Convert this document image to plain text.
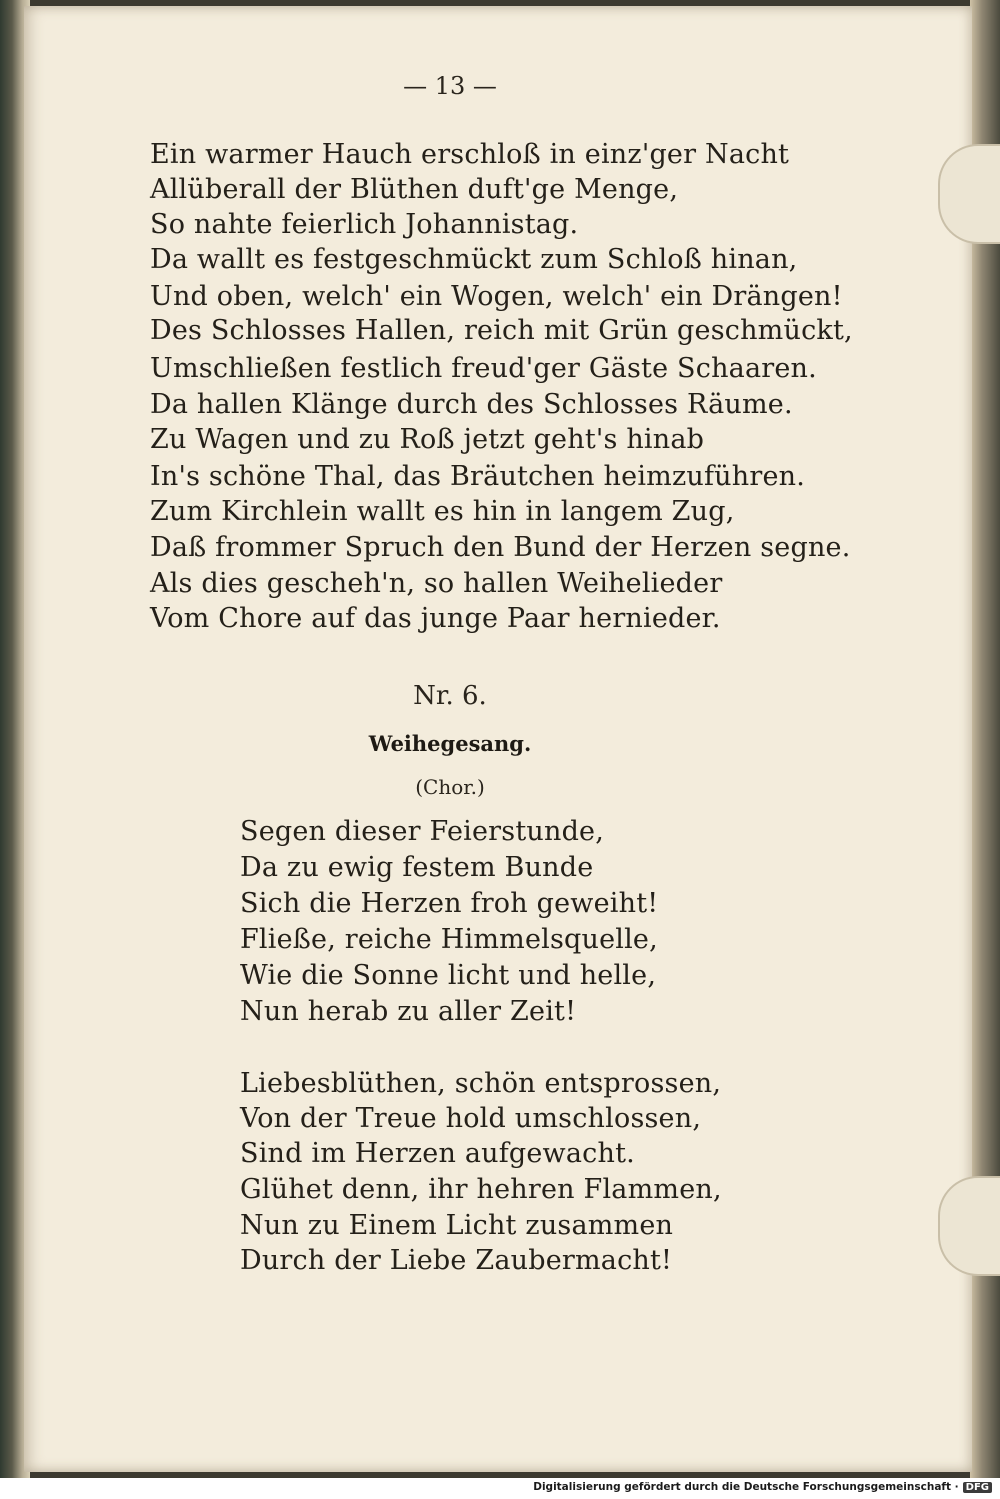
— 13 —
Ein warmer Hauch erschloß in einz'ger Nacht
Allüberall der Blüthen duft'ge Menge,
So nahte feierlich Johannistag.
Da wallt es festgeschmückt zum Schloß hinan,
Und oben, welch' ein Wogen, welch' ein Drängen!
Des Schlosses Hallen, reich mit Grün geschmückt,
Umschließen festlich freud'ger Gäste Schaaren.
Da hallen Klänge durch des Schlosses Räume.
Zu Wagen und zu Roß jetzt geht's hinab
In's schöne Thal, das Bräutchen heimzuführen.
Zum Kirchlein wallt es hin in langem Zug,
Daß frommer Spruch den Bund der Herzen segne.
Als dies gescheh'n, so hallen Weihelieder
Vom Chore auf das junge Paar hernieder.
Nr. 6.
Weihegesang.
(Chor.)
Segen dieser Feierstunde,
Da zu ewig festem Bunde
Sich die Herzen froh geweiht!
Fließe, reiche Himmelsquelle,
Wie die Sonne licht und helle,
Nun herab zu aller Zeit!
Liebesblüthen, schön entsprossen,
Von der Treue hold umschlossen,
Sind im Herzen aufgewacht.
Glühet denn, ihr hehren Flammen,
Nun zu Einem Licht zusammen
Durch der Liebe Zaubermacht!
Digitalisierung gefördert durch die Deutsche Forschungsgemeinschaft · DFG
